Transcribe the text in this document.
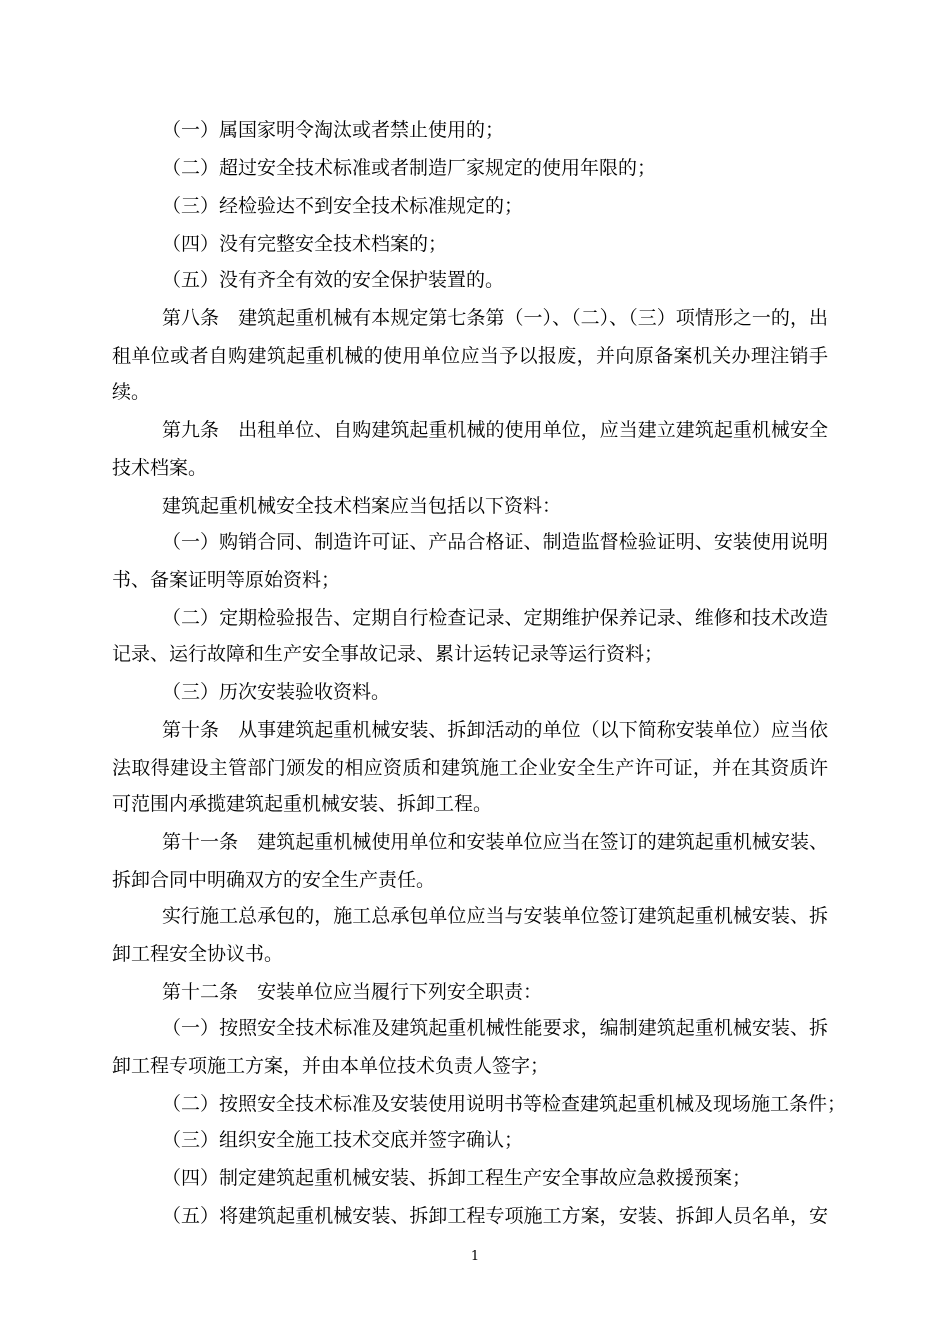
（一）属国家明令淘汰或者禁止使用的；
（二）超过安全技术标准或者制造厂家规定的使用年限的；
（三）经检验达不到安全技术标准规定的；
（四）没有完整安全技术档案的；
（五）没有齐全有效的安全保护装置的。
第八条　建筑起重机械有本规定第七条第（一）、（二）、（三）项情形之一的，出
租单位或者自购建筑起重机械的使用单位应当予以报废，并向原备案机关办理注销手
续。
第九条　出租单位、自购建筑起重机械的使用单位，应当建立建筑起重机械安全
技术档案。
建筑起重机械安全技术档案应当包括以下资料：
（一）购销合同、制造许可证、产品合格证、制造监督检验证明、安装使用说明
书、备案证明等原始资料；
（二）定期检验报告、定期自行检查记录、定期维护保养记录、维修和技术改造
记录、运行故障和生产安全事故记录、累计运转记录等运行资料；
（三）历次安装验收资料。
第十条　从事建筑起重机械安装、拆卸活动的单位（以下简称安装单位）应当依
法取得建设主管部门颁发的相应资质和建筑施工企业安全生产许可证，并在其资质许
可范围内承揽建筑起重机械安装、拆卸工程。
第十一条　建筑起重机械使用单位和安装单位应当在签订的建筑起重机械安装、
拆卸合同中明确双方的安全生产责任。
实行施工总承包的，施工总承包单位应当与安装单位签订建筑起重机械安装、拆
卸工程安全协议书。
第十二条　安装单位应当履行下列安全职责：
（一）按照安全技术标准及建筑起重机械性能要求，编制建筑起重机械安装、拆
卸工程专项施工方案，并由本单位技术负责人签字；
（二）按照安全技术标准及安装使用说明书等检查建筑起重机械及现场施工条件；
（三）组织安全施工技术交底并签字确认；
（四）制定建筑起重机械安装、拆卸工程生产安全事故应急救援预案；
（五）将建筑起重机械安装、拆卸工程专项施工方案，安装、拆卸人员名单，安
1
